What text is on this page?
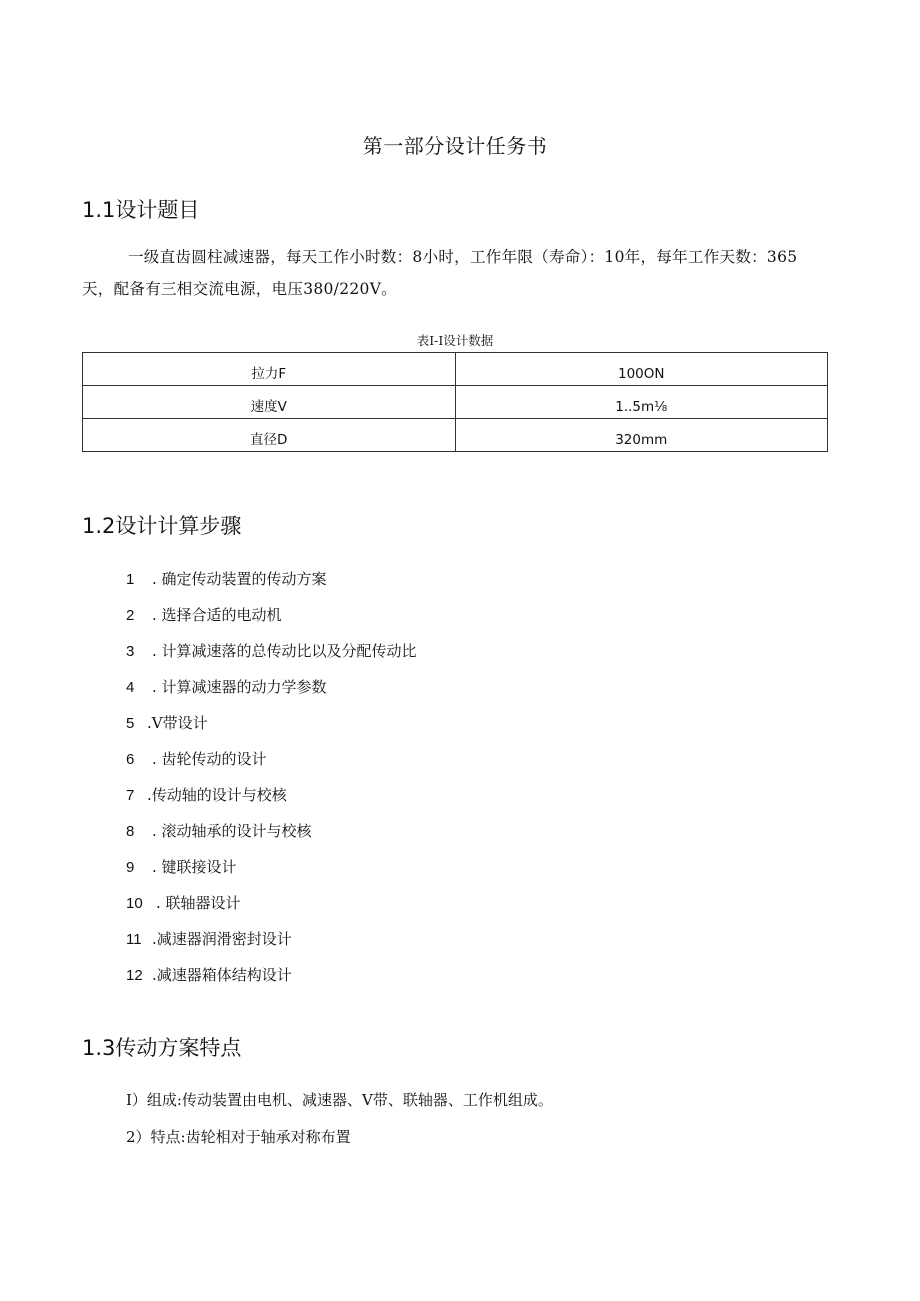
第一部分设计任务书
1.1设计题目
一级直齿圆柱减速器，每天工作小时数：8小时，工作年限（寿命）：10年，每年工作天数：365天，配备有三相交流电源，电压380/220V。
表I-I设计数据
拉力F	100ON
速度V	1..5m⅛
直径D	320mm
1.2设计计算步骤
1 . 确定传动装置的传动方案
2 . 选择合适的电动机
3 . 计算减速落的总传动比以及分配传动比
4 . 计算减速器的动力学参数
5 .V带设计
6 . 齿轮传动的设计
7 .传动轴的设计与校核
8 . 滚动轴承的设计与校核
9 . 键联接设计
10 . 联轴器设计
11 .减速器润滑密封设计
12 .减速器箱体结构设计
1.3传动方案特点
I）组成:传动装置由电机、减速器、V带、联轴器、工作机组成。
2）特点:齿轮相对于轴承对称布置
